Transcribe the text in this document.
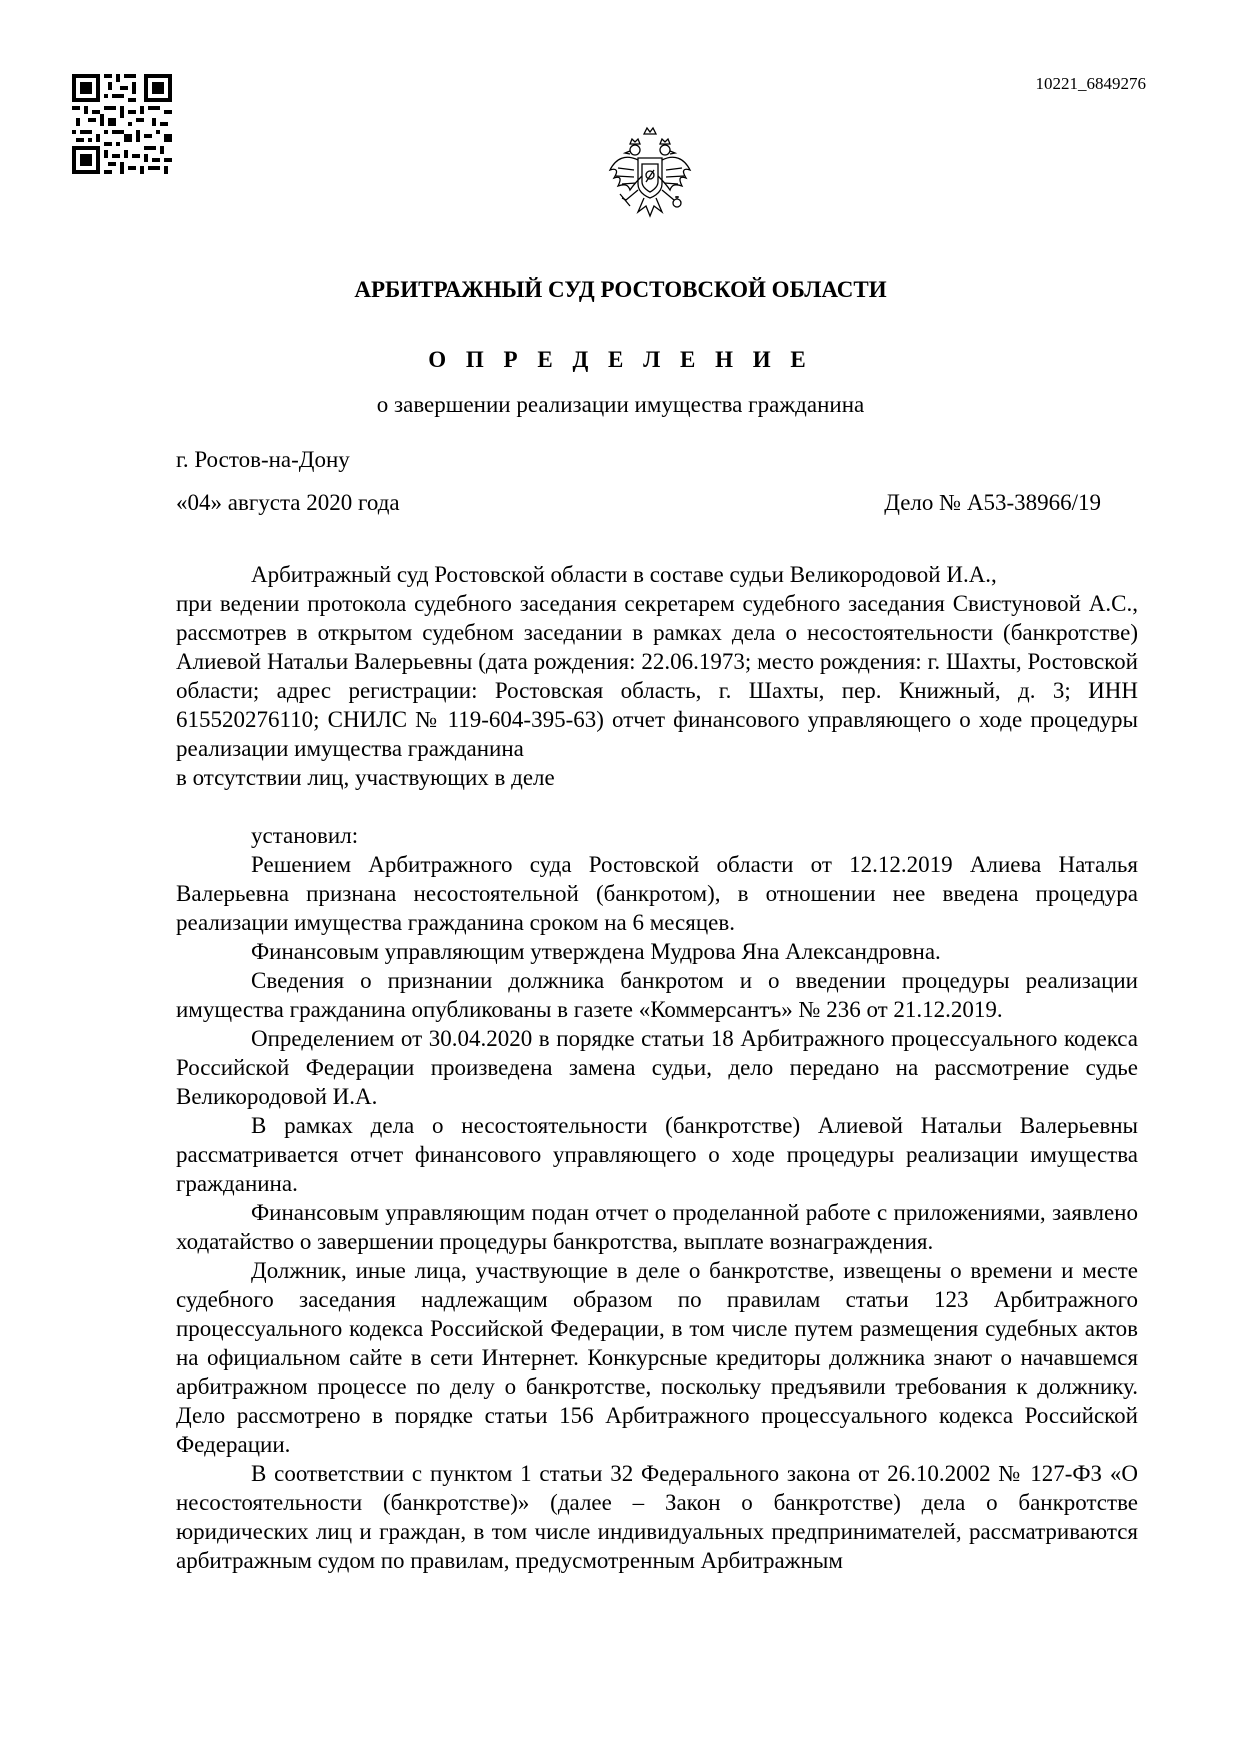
10221_6849276
АРБИТРАЖНЫЙ СУД РОСТОВСКОЙ ОБЛАСТИ
О П Р Е Д Е Л Е Н И Е
о завершении реализации имущества гражданина
г. Ростов-на-Дону
«04» августа 2020 года	Дело № А53-38966/19

Арбитражный суд Ростовской области в составе судьи Великородовой И.А.,

при ведении протокола судебного заседания секретарем судебного заседания Свистуновой А.С., рассмотрев в открытом судебном заседании в рамках дела о несостоятельности (банкротстве) Алиевой Натальи Валерьевны (дата рождения: 22.06.1973; место рождения: г. Шахты, Ростовской области; адрес регистрации: Ростовская область, г. Шахты, пер. Книжный, д. 3; ИНН 615520276110; СНИЛС № 119-604-395-63) отчет финансового управляющего о ходе процедуры реализации имущества гражданина

в отсутствии лиц, участвующих в деле

установил:

Решением Арбитражного суда Ростовской области от 12.12.2019 Алиева Наталья Валерьевна признана несостоятельной (банкротом), в отношении нее введена процедура реализации имущества гражданина сроком на 6 месяцев.

Финансовым управляющим утверждена Мудрова Яна Александровна.

Сведения о признании должника банкротом и о введении процедуры реализации имущества гражданина опубликованы в газете «Коммерсантъ» № 236 от 21.12.2019.

Определением от 30.04.2020 в порядке статьи 18 Арбитражного процессуального кодекса Российской Федерации произведена замена судьи, дело передано на рассмотрение судье Великородовой И.А.

В рамках дела о несостоятельности (банкротстве) Алиевой Натальи Валерьевны рассматривается отчет финансового управляющего о ходе процедуры реализации имущества гражданина.

Финансовым управляющим подан отчет о проделанной работе с приложениями, заявлено ходатайство о завершении процедуры банкротства, выплате вознаграждения.

Должник, иные лица, участвующие в деле о банкротстве, извещены о времени и месте судебного заседания надлежащим образом по правилам статьи 123 Арбитражного процессуального кодекса Российской Федерации, в том числе путем размещения судебных актов на официальном сайте в сети Интернет. Конкурсные кредиторы должника знают о начавшемся арбитражном процессе по делу о банкротстве, поскольку предъявили требования к должнику. Дело рассмотрено в порядке статьи 156 Арбитражного процессуального кодекса Российской Федерации.

В соответствии с пунктом 1 статьи 32 Федерального закона от 26.10.2002 № 127-ФЗ «О несостоятельности (банкротстве)» (далее – Закон о банкротстве) дела о банкротстве юридических лиц и граждан, в том числе индивидуальных предпринимателей, рассматриваются арбитражным судом по правилам, предусмотренным Арбитражным
